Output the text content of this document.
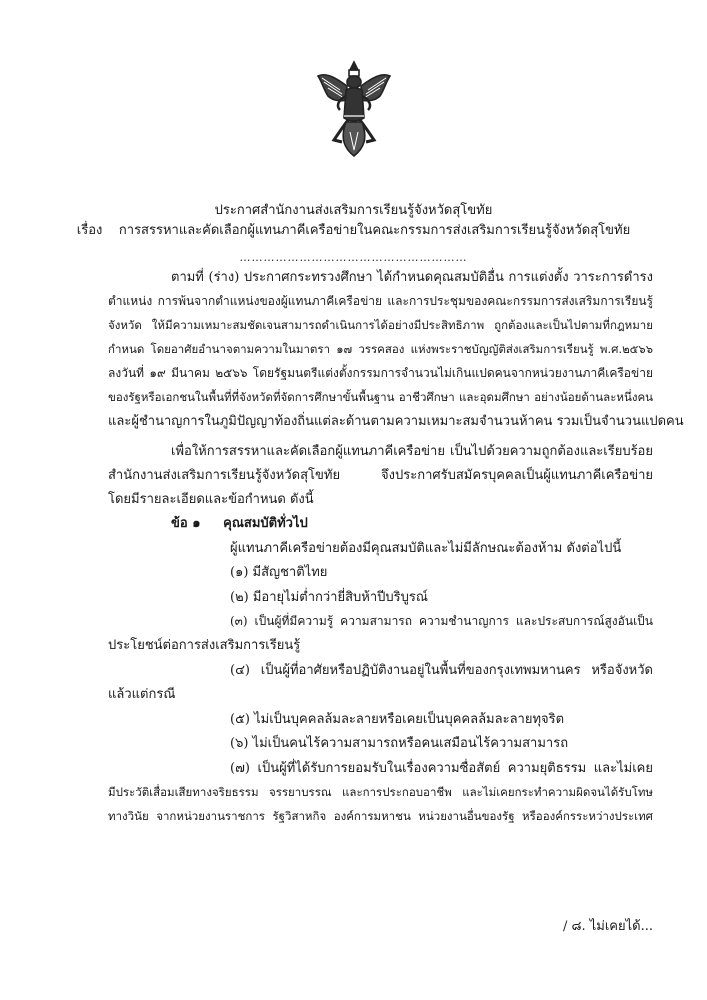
ประกาศสำนักงานส่งเสริมการเรียนรู้จังหวัดสุโขทัย
เรื่อง การสรรหาและคัดเลือกผู้แทนภาคีเครือข่ายในคณะกรรมการส่งเสริมการเรียนรู้จังหวัดสุโขทัย
…………………………………………………
ตามที่ (ร่าง) ประกาศกระทรวงศึกษา ได้กำหนดคุณสมบัติอื่น การแต่งตั้ง วาระการดำรง
ตำแหน่ง การพ้นจากตำแหน่งของผู้แทนภาคีเครือข่าย และการประชุมของคณะกรรมการส่งเสริมการเรียนรู้
จังหวัด ให้มีความเหมาะสมชัดเจนสามารถดำเนินการได้อย่างมีประสิทธิภาพ ถูกต้องและเป็นไปตามที่กฎหมาย
กำหนด โดยอาศัยอำนาจตามความในมาตรา ๑๗ วรรคสอง แห่งพระราชบัญญัติส่งเสริมการเรียนรู้ พ.ศ.๒๕๖๖
ลงวันที่ ๑๙ มีนาคม ๒๕๖๖ โดยรัฐมนตรีแต่งตั้งกรรมการจำนวนไม่เกินแปดคนจากหน่วยงานภาคีเครือข่าย
ของรัฐหรือเอกชนในพื้นที่ที่จังหวัดที่จัดการศึกษาขั้นพื้นฐาน อาชีวศึกษา และอุดมศึกษา อย่างน้อยด้านละหนึ่งคน
และผู้ชำนาญการในภูมิปัญญาท้องถิ่นแต่ละด้านตามความเหมาะสมจำนวนห้าคน รวมเป็นจำนวนแปดคน
เพื่อให้การสรรหาและคัดเลือกผู้แทนภาคีเครือข่าย เป็นไปด้วยความถูกต้องและเรียบร้อย
สำนักงานส่งเสริมการเรียนรู้จังหวัดสุโขทัย จึงประกาศรับสมัครบุคคลเป็นผู้แทนภาคีเครือข่าย
โดยมีรายละเอียดและข้อกำหนด ดังนี้
ข้อ ๑ คุณสมบัติทั่วไป
ผู้แทนภาคีเครือข่ายต้องมีคุณสมบัติและไม่มีลักษณะต้องห้าม ดังต่อไปนี้
(๑) มีสัญชาติไทย
(๒) มีอายุไม่ต่ำกว่ายี่สิบห้าปีบริบูรณ์
(๓) เป็นผู้ที่มีความรู้ ความสามารถ ความชำนาญการ และประสบการณ์สูงอันเป็น
ประโยชน์ต่อการส่งเสริมการเรียนรู้
(๔) เป็นผู้ที่อาศัยหรือปฏิบัติงานอยู่ในพื้นที่ของกรุงเทพมหานคร หรือจังหวัด
แล้วแต่กรณี
(๕) ไม่เป็นบุคคลล้มละลายหรือเคยเป็นบุคคลล้มละลายทุจริต
(๖) ไม่เป็นคนไร้ความสามารถหรือคนเสมือนไร้ความสามารถ
(๗) เป็นผู้ที่ได้รับการยอมรับในเรื่องความซื่อสัตย์ ความยุติธรรม และไม่เคย
มีประวัติเสื่อมเสียทางจริยธรรม จรรยาบรรณ และการประกอบอาชีพ และไม่เคยกระทำความผิดจนได้รับโทษ
ทางวินัย จากหน่วยงานราชการ รัฐวิสาหกิจ องค์การมหาชน หน่วยงานอื่นของรัฐ หรือองค์กรระหว่างประเทศ
/ ๘. ไม่เคยได้...
